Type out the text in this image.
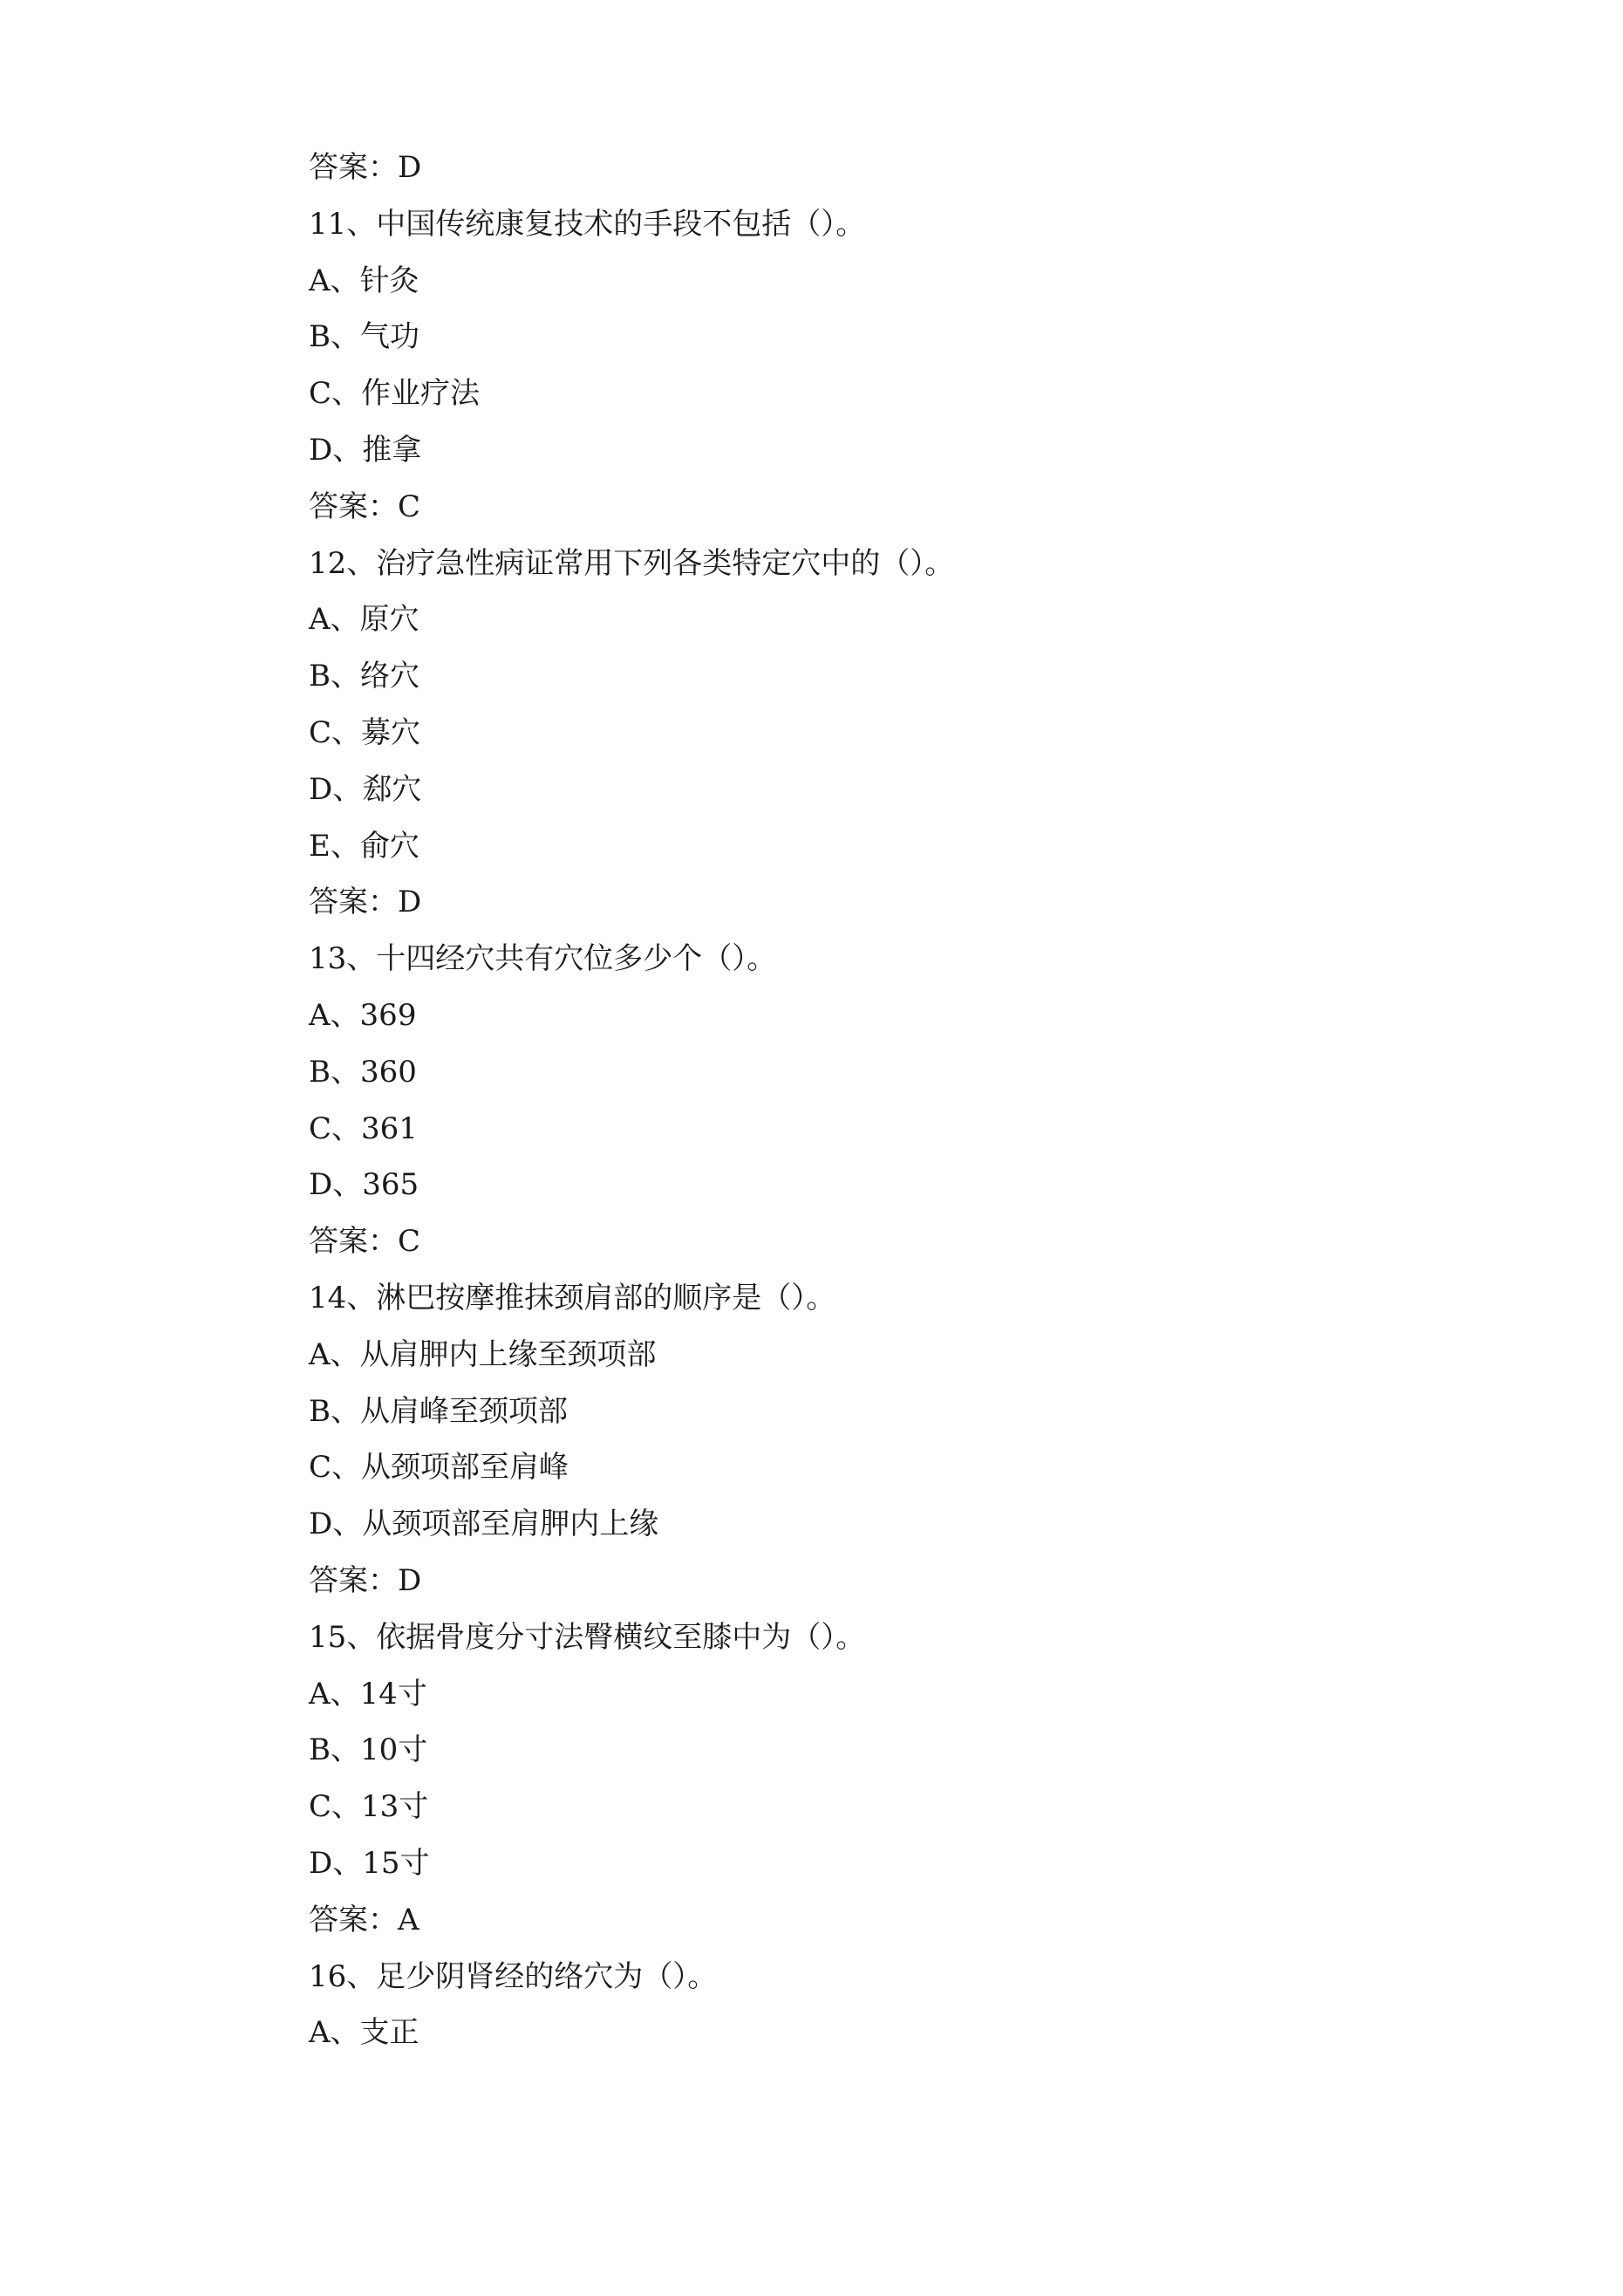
答案：D
11、中国传统康复技术的手段不包括（）。
A、针灸
B、气功
C、作业疗法
D、推拿
答案：C
12、治疗急性病证常用下列各类特定穴中的（）。
A、原穴
B、络穴
C、募穴
D、郄穴
E、俞穴
答案：D
13、十四经穴共有穴位多少个（）。
A、369
B、360
C、361
D、365
答案：C
14、淋巴按摩推抹颈肩部的顺序是（）。
A、从肩胛内上缘至颈项部
B、从肩峰至颈项部
C、从颈项部至肩峰
D、从颈项部至肩胛内上缘
答案：D
15、依据骨度分寸法臀横纹至膝中为（）。
A、14寸
B、10寸
C、13寸
D、15寸
答案：A
16、足少阴肾经的络穴为（）。
A、支正
